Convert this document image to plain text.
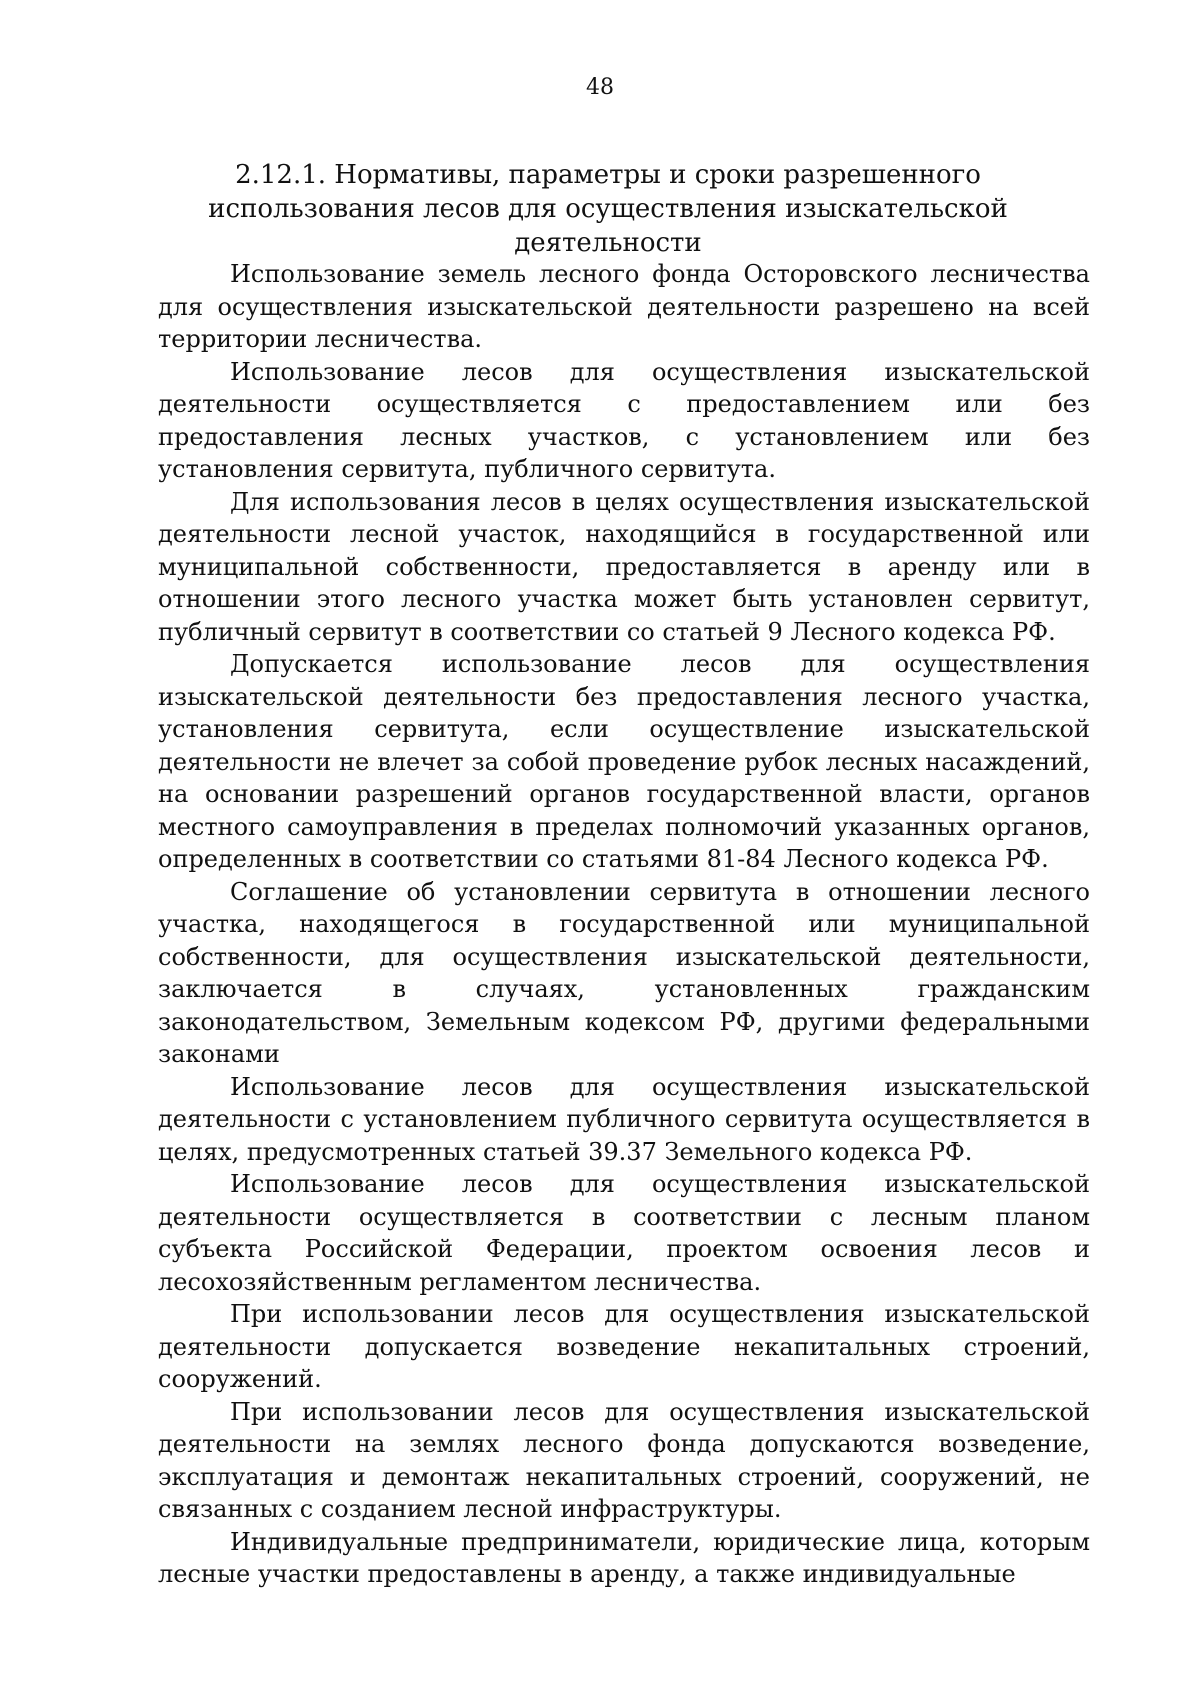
48
2.12.1. Нормативы, параметры и сроки разрешенного использования лесов для осуществления изыскательской деятельности

Использование земель лесного фонда Осторовского лесничества для осуществления изыскательской деятельности разрешено на всей территории лесничества.

Использование лесов для осуществления изыскательской деятельности осуществляется с предоставлением или без предоставления лесных участков, с установлением или без установления сервитута, публичного сервитута.

Для использования лесов в целях осуществления изыскательской деятельности лесной участок, находящийся в государственной или муниципальной собственности, предоставляется в аренду или в отношении этого лесного участка может быть установлен сервитут, публичный сервитут в соответствии со статьей 9 Лесного кодекса РФ.

Допускается использование лесов для осуществления изыскательской деятельности без предоставления лесного участка, установления сервитута, если осуществление изыскательской деятельности не влечет за собой проведение рубок лесных насаждений, на основании разрешений органов государственной власти, органов местного самоуправления в пределах полномочий указанных органов, определенных в соответствии со статьями 81-84 Лесного кодекса РФ.

Соглашение об установлении сервитута в отношении лесного участка, находящегося в государственной или муниципальной собственности, для осуществления изыскательской деятельности, заключается в случаях, установленных гражданским законодательством, Земельным кодексом РФ, другими федеральными законами

Использование лесов для осуществления изыскательской деятельности с установлением публичного сервитута осуществляется в целях, предусмотренных статьей 39.37 Земельного кодекса РФ.

Использование лесов для осуществления изыскательской деятельности осуществляется в соответствии с лесным планом субъекта Российской Федерации, проектом освоения лесов и лесохозяйственным регламентом лесничества.

При использовании лесов для осуществления изыскательской деятельности допускается возведение некапитальных строений, сооружений.

При использовании лесов для осуществления изыскательской деятельности на землях лесного фонда допускаются возведение, эксплуатация и демонтаж некапитальных строений, сооружений, не связанных с созданием лесной инфраструктуры.

Индивидуальные предприниматели, юридические лица, которым лесные участки предоставлены в аренду, а также индивидуальные
